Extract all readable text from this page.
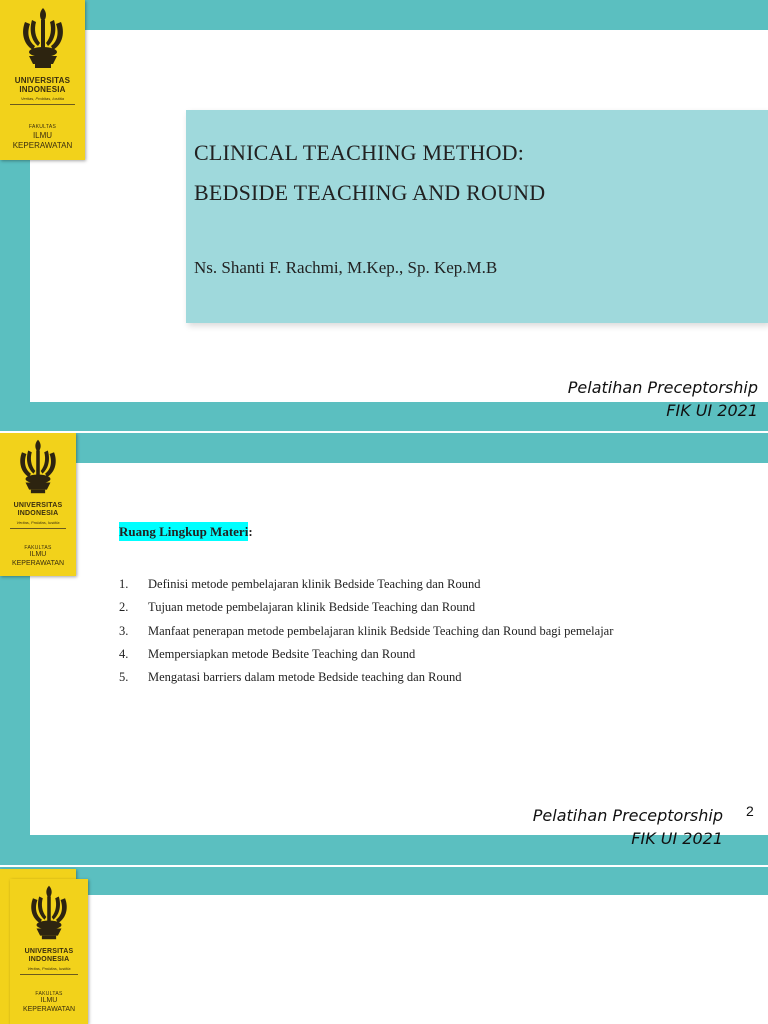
UNIVERSITAS
INDONESIA
Veritas, Probitas, Iustitia
FAKULTAS
ILMU
KEPERAWATAN	CLINICAL TEACHING METHOD:
BEDSIDE TEACHING AND ROUND
Ns. Shanti F. Rachmi, M.Kep., Sp. Kep.M.B
Pelatihan Preceptorship
FIK UI 2021
UNIVERSITAS
INDONESIA
Veritas, Probitas, Iustitia
FAKULTAS
ILMU
KEPERAWATAN
Ruang Lingkup Materi:
1.	Definisi metode pembelajaran klinik Bedside Teaching dan Round
2.	Tujuan metode pembelajaran klinik Bedside Teaching dan Round
3.	Manfaat penerapan metode pembelajaran klinik Bedside Teaching dan Round bagi pemelajar
4.	Mempersiapkan metode Bedsite Teaching dan Round
5.	Mengatasi barriers dalam metode Bedside teaching dan Round
Pelatihan Preceptorship
FIK UI 2021
2
UNIVERSITAS
INDONESIA
Veritas, Probitas, Iustitia
FAKULTAS
ILMU
KEPERAWATAN
